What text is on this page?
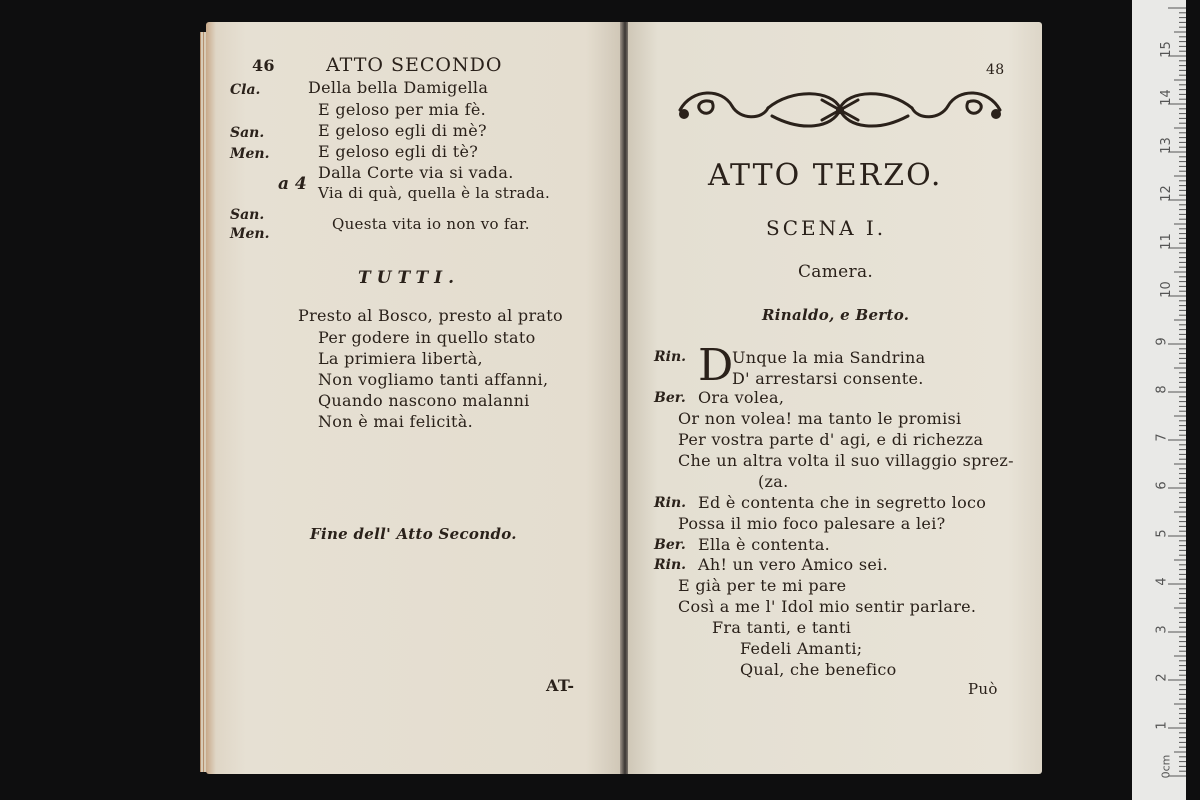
46	ATTO SECONDO
Cla.	Della bella Damigella
E geloso per mia fè.
San.	E geloso egli di mè?
Men.	E geloso egli di tè?
Dalla Corte via si vada.
a 4 Via di quà, quella è la strada.
San.	Questa vita io non vo far.
Men.
TUTTI.
Presto al Bosco, presto al prato
Per godere in quello stato
La primiera libertà,
Non vogliamo tanti affanni,
Quando nascono malanni
Non è mai felicità.
Fine dell' Atto Secondo.
AT-
48
ATTO TERZO.
SCENA I.
Camera.
Rinaldo, e Berto.
Rin. D
Unque la mia Sandrina
D' arrestarsi consente.
Ber. Ora volea,
Or non volea! ma tanto le promisi
Per vostra parte d' agi, e di richezza
Che un altra volta il suo villaggio sprez-
(za.
Rin. Ed è contenta che in segretto loco
Possa il mio foco palesare a lei?
Ber. Ella è contenta.
Rin. Ah! un vero Amico sei.
E già per te mi pare
Così a me l' Idol mio sentir parlare.
Fra tanti, e tanti
Fedeli Amanti;
Qual, che benefico
Può
0cm
1
2
3
4
5
6
7
8
9
10
11
12
13
14
15
